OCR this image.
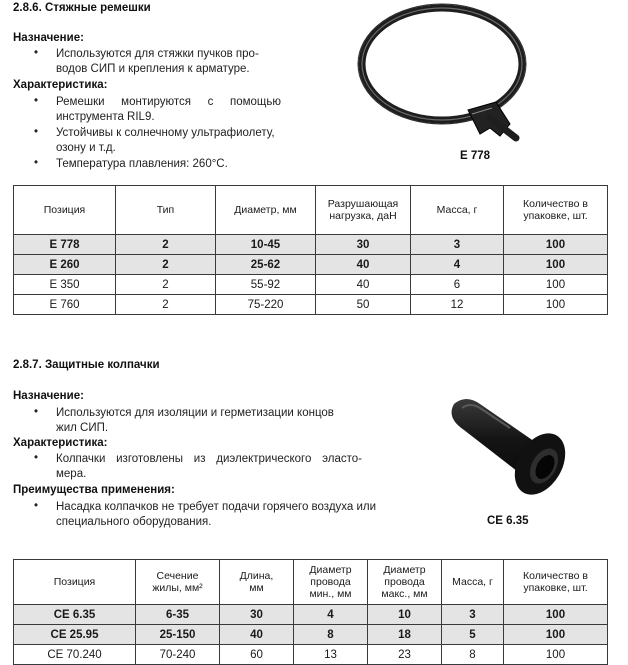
2.8.6. Стяжные ремешки
Назначение:
• Используются для стяжки пучков про-
водов СИП и крепления к арматуре.
Характеристика:
• Ремешки монтируются с помощью
инструмента RIL9.
• Устойчивы к солнечному ультрафиолету,
озону и т.д.
• Температура плавления: 260°С.
E 778
Позиция	Тип	Диаметр, мм	Разрушающая нагрузка, даН	Масса, г	Количество в упаковке, шт.
E 778	2	10-45	30	3	100
E 260	2	25-62	40	4	100
E 350	2	55-92	40	6	100
E 760	2	75-220	50	12	100
2.8.7. Защитные колпачки
Назначение:
• Используются для изоляции и герметизации концов
жил СИП.
Характеристика:
• Колпачки изготовлены из диэлектрического эласто-
мера.
Преимущества применения:
• Насадка колпачков не требует подачи горячего воздуха или
специального оборудования.	CE 6.35
Позиция	Сечение жилы, мм²	Длина, мм	Диаметр провода мин., мм	Диаметр провода макс., мм	Масса, г	Количество в упаковке, шт.
CE 6.35	6-35	30	4	10	3	100
CE 25.95	25-150	40	8	18	5	100
CE 70.240	70-240	60	13	23	8	100
